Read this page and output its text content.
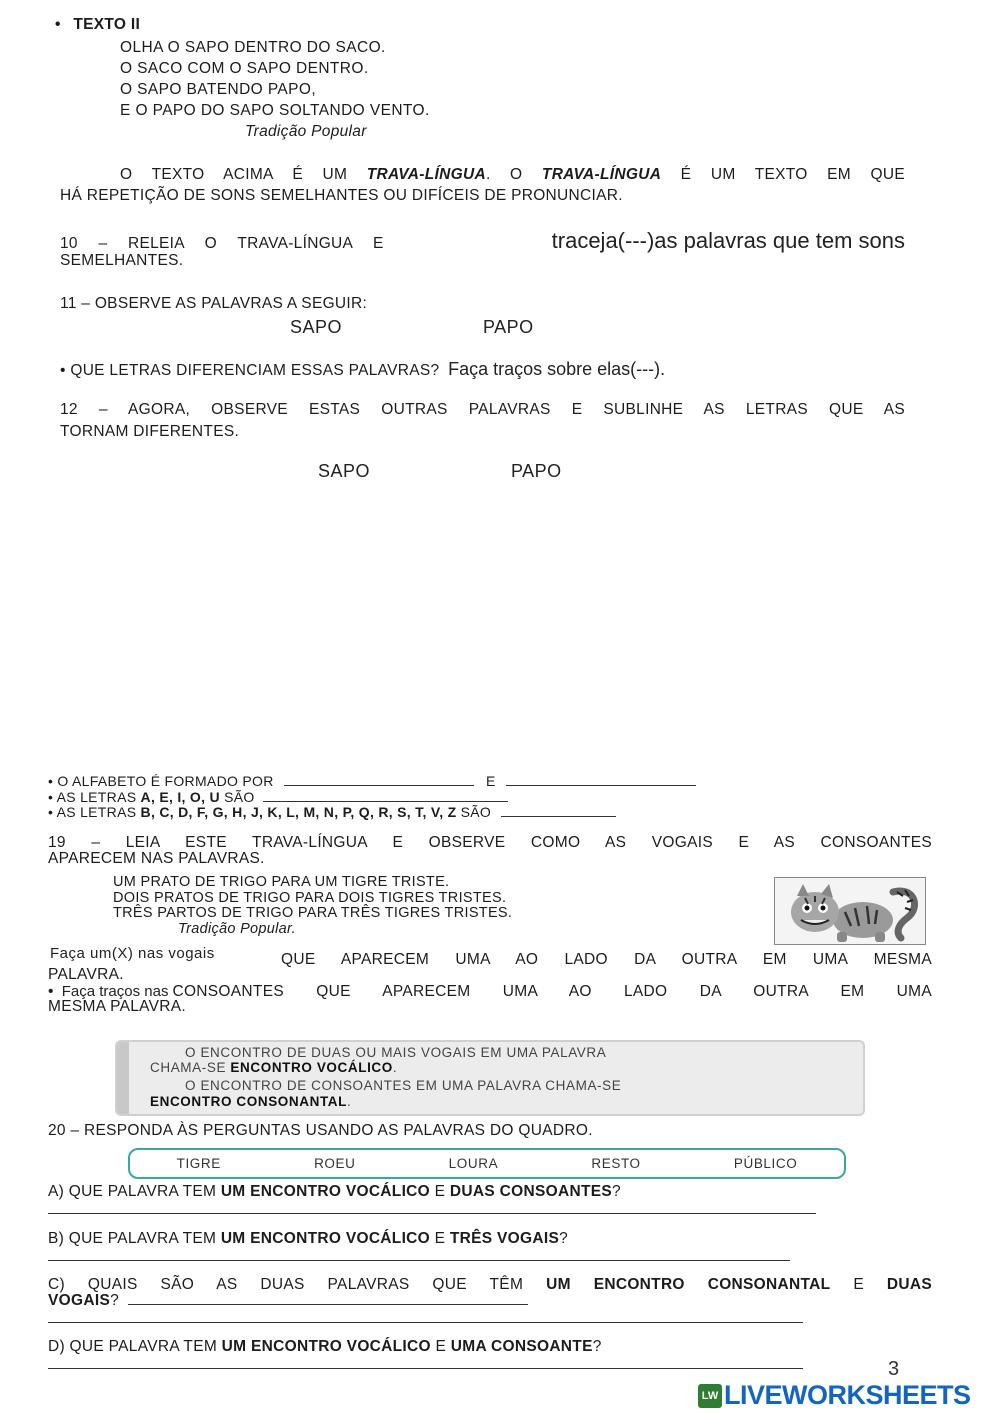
• TEXTO II
OLHA O SAPO DENTRO DO SACO.
O SACO COM O SAPO DENTRO.
O SAPO BATENDO PAPO,
E O PAPO DO SAPO SOLTANDO VENTO.
Tradição Popular
O TEXTO ACIMA É UM TRAVA-LÍNGUA. O TRAVA-LÍNGUA É UM TEXTO EM QUE
HÁ REPETIÇÃO DE SONS SEMELHANTES OU DIFÍCEIS DE PRONUNCIAR.
10 – RELEIA O TRAVA-LÍNGUA E	traceja(---)as palavras que tem sons
SEMELHANTES.
11 – OBSERVE AS PALAVRAS A SEGUIR:
SAPO	PAPO
• QUE LETRAS DIFERENCIAM ESSAS PALAVRAS? Faça traços sobre elas(---).
12 – AGORA, OBSERVE ESTAS OUTRAS PALAVRAS E SUBLINHE AS LETRAS QUE AS
TORNAM DIFERENTES.
SAPO	PAPO
• O ALFABETO É FORMADO POR	E
• AS LETRAS A, E, I, O, U SÃO
• AS LETRAS B, C, D, F, G, H, J, K, L, M, N, P, Q, R, S, T, V, Z SÃO
19 – LEIA ESTE TRAVA-LÍNGUA E OBSERVE COMO AS VOGAIS E AS CONSOANTES
APARECEM NAS PALAVRAS.
UM PRATO DE TRIGO PARA UM TIGRE TRISTE.
DOIS PRATOS DE TRIGO PARA DOIS TIGRES TRISTES.
TRÊS PARTOS DE TRIGO PARA TRÊS TIGRES TRISTES.
Tradição Popular.
Faça um(X) nas vogais	QUE APARECEM UMA AO LADO DA OUTRA EM UMA MESMA
PALAVRA.
• Faça traços nas CONSOANTES QUE APARECEM UMA AO LADO DA OUTRA EM UMA
MESMA PALAVRA.
O ENCONTRO DE DUAS OU MAIS VOGAIS EM UMA PALAVRA
CHAMA-SE ENCONTRO VOCÁLICO.
O ENCONTRO DE CONSOANTES EM UMA PALAVRA CHAMA-SE
ENCONTRO CONSONANTAL.
20 – RESPONDA ÀS PERGUNTAS USANDO AS PALAVRAS DO QUADRO.
TIGRE	ROEU	LOURA	RESTO	PÚBLICO
A) QUE PALAVRA TEM UM ENCONTRO VOCÁLICO E DUAS CONSOANTES?
B) QUE PALAVRA TEM UM ENCONTRO VOCÁLICO E TRÊS VOGAIS?
C) QUAIS SÃO AS DUAS PALAVRAS QUE TÊM UM ENCONTRO CONSONANTAL E DUAS
VOGAIS?
D) QUE PALAVRA TEM UM ENCONTRO VOCÁLICO E UMA CONSOANTE?
3
LW LIVEWORKSHEETS
